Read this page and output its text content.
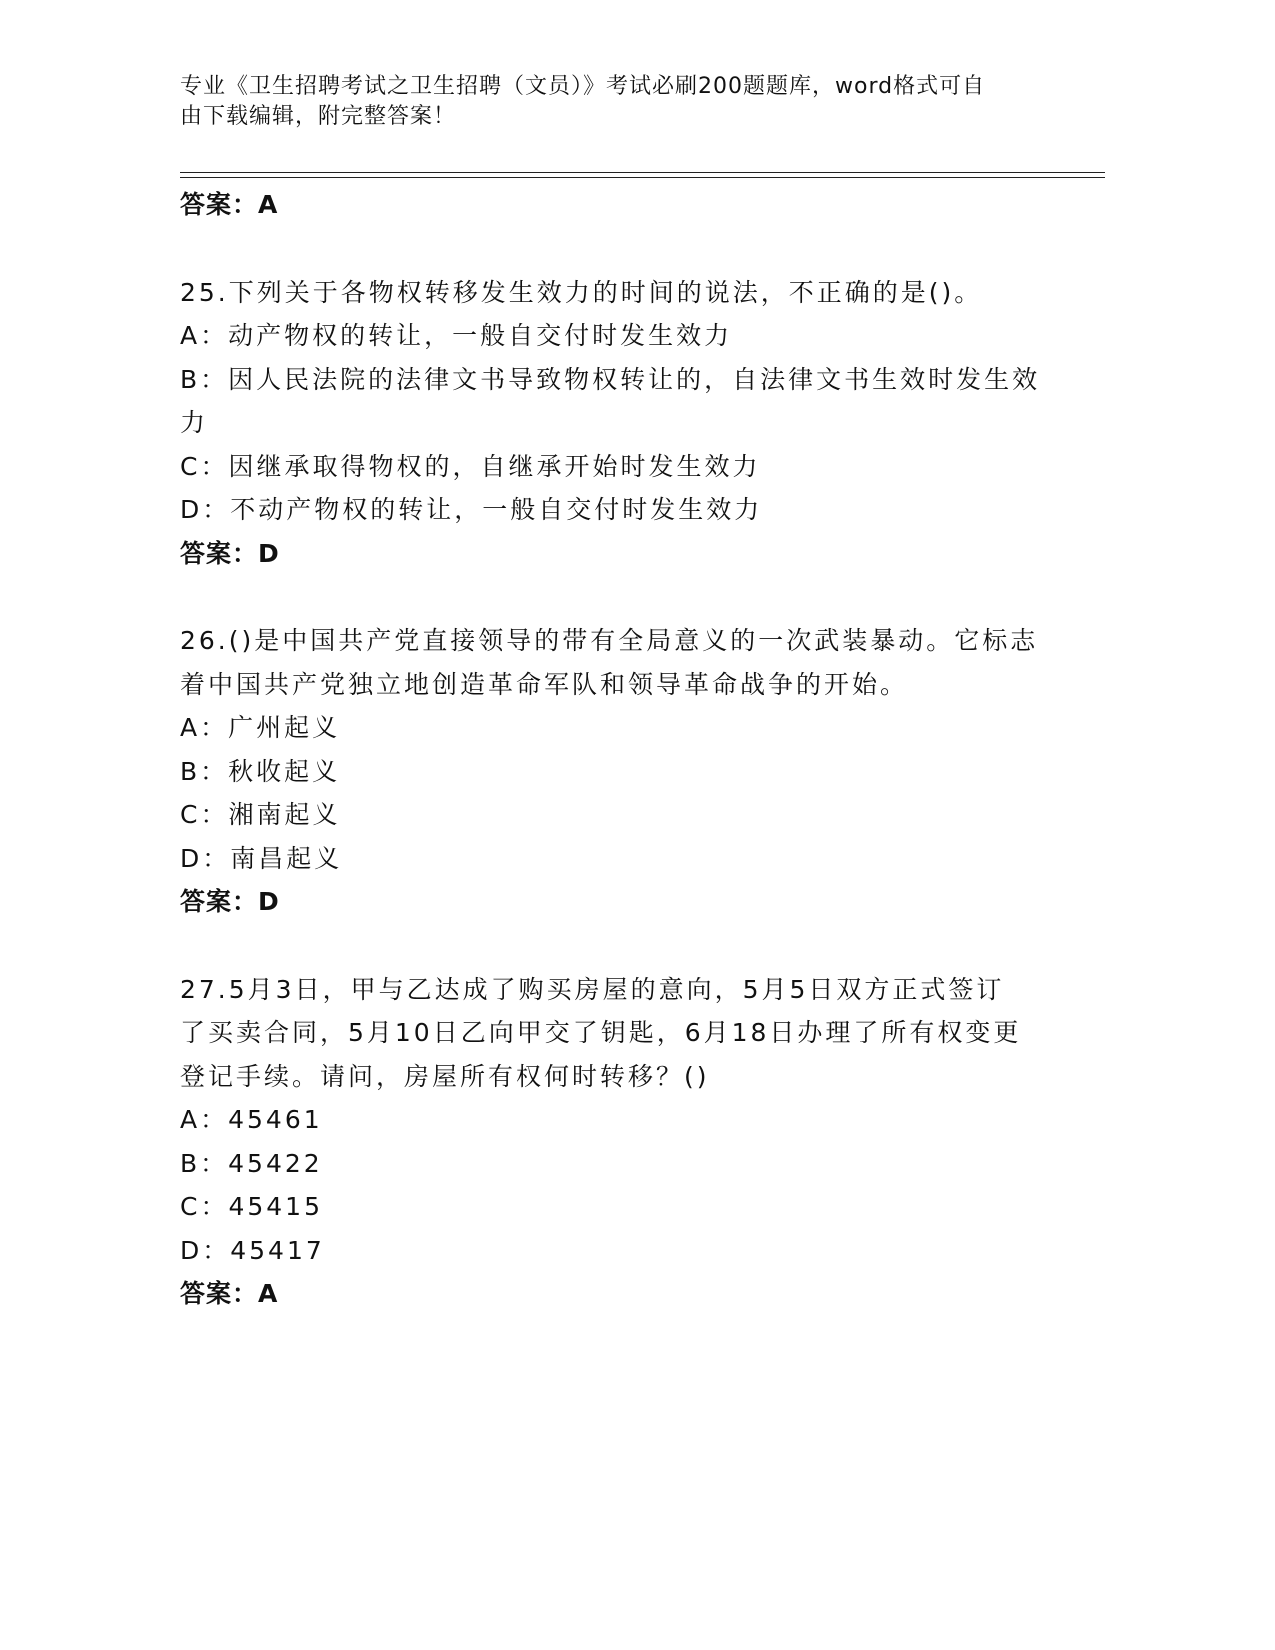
专业《卫生招聘考试之卫生招聘（文员）》考试必刷200题题库，word格式可自
由下载编辑，附完整答案！
答案：A
25.下列关于各物权转移发生效力的时间的说法，不正确的是()。
A：动产物权的转让，一般自交付时发生效力
B：因人民法院的法律文书导致物权转让的，自法律文书生效时发生效
力
C：因继承取得物权的，自继承开始时发生效力
D：不动产物权的转让，一般自交付时发生效力
答案：D
26.()是中国共产党直接领导的带有全局意义的一次武装暴动。它标志
着中国共产党独立地创造革命军队和领导革命战争的开始。
A：广州起义
B：秋收起义
C：湘南起义
D：南昌起义
答案：D
27.5月3日，甲与乙达成了购买房屋的意向，5月5日双方正式签订
了买卖合同，5月10日乙向甲交了钥匙，6月18日办理了所有权变更
登记手续。请问，房屋所有权何时转移？()
A：45461
B：45422
C：45415
D：45417
答案：A
